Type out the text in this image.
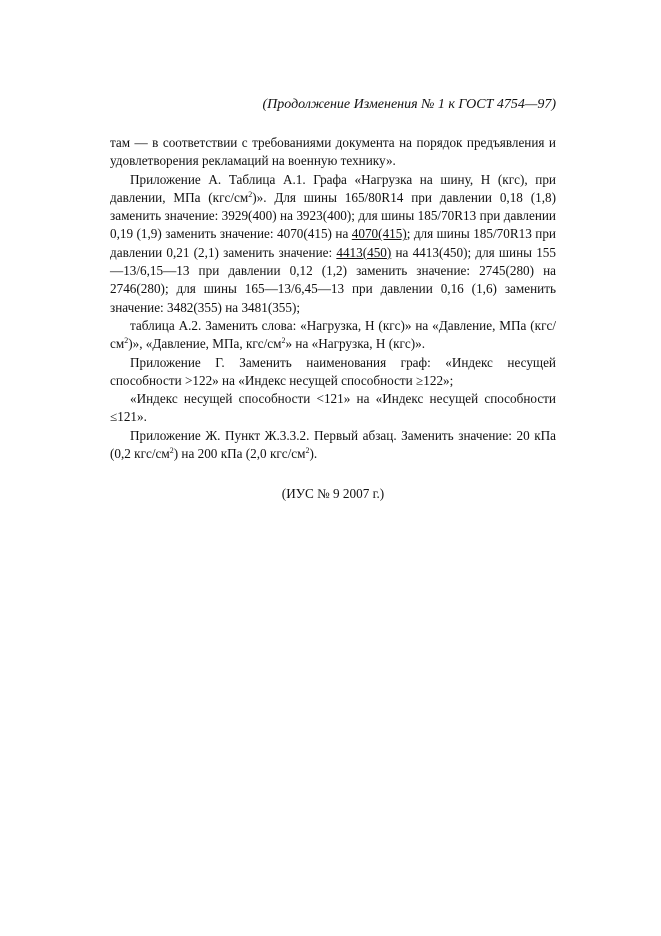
(Продолжение Изменения № 1 к ГОСТ 4754—97)

там — в соответствии с требованиями документа на порядок предъявления и удовлетворения рекламаций на военную технику».

Приложение А. Таблица А.1. Графа «Нагрузка на шину, Н (кгс), при давлении, МПа $(кгс/см^2)$». Для шины 165/80R14 при давлении 0,18 (1,8) заменить значение: 3929(400) на 3923(400); для шины 185/70R13 при давлении 0,19 (1,9) заменить значение: 4070(415) на 4070(415); для шины 185/70R13 при давлении 0,21 (2,1) заменить значение: 4413(450) на 4413(450); для шины 155—13/6,15—13 при давлении 0,12 (1,2) заменить значение: 2745(280) на 2746(280); для шины 165—13/6,45—13 при давлении 0,16 (1,6) заменить значение: 3482(355) на 3481(355);

таблица А.2. Заменить слова: «Нагрузка, Н (кгс)» на «Давление, МПа $(кгс/см^2)$», «Давление, МПа, кгс/$см^2$» на «Нагрузка, Н (кгс)».

Приложение Г. Заменить наименования граф: «Индекс несущей способности >122» на «Индекс несущей способности ≥122»;

«Индекс несущей способности <121» на «Индекс несущей способности ≤121».

Приложение Ж. Пункт Ж.3.3.2. Первый абзац. Заменить значение: 20 кПа (0,2 кгс/$см^2$) на 200 кПа (2,0 кгс/$см^2$).

(ИУС № 9 2007 г.)
